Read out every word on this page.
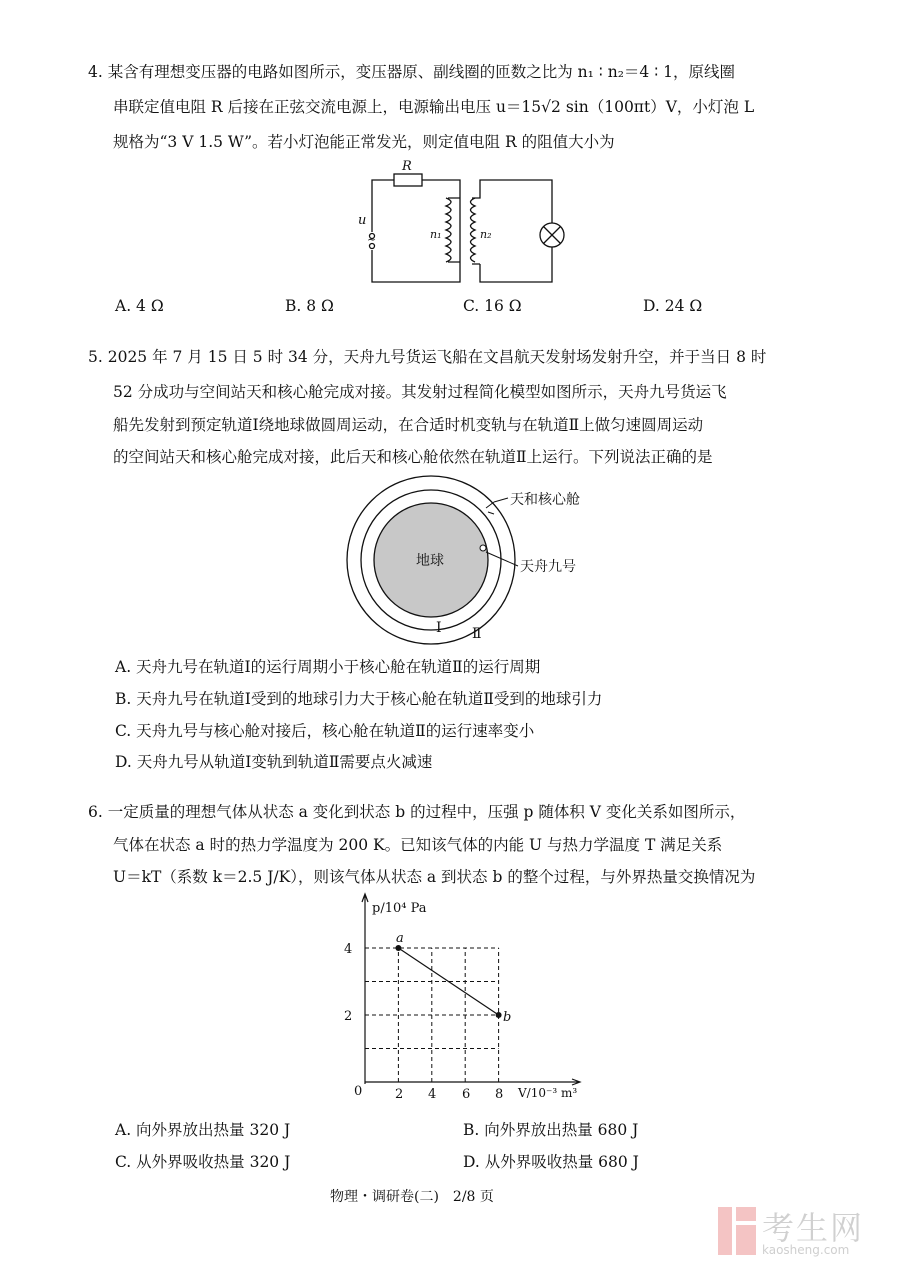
4. 某含有理想变压器的电路如图所示，变压器原、副线圈的匝数之比为 n₁ ∶ n₂＝4 ∶ 1，原线圈
串联定值电阻 R 后接在正弦交流电源上，电源输出电压 u＝15√2 sin（100πt）V，小灯泡 L
规格为“3 V 1.5 W”。若小灯泡能正常发光，则定值电阻 R 的阻值大小为
R
u
~	n₁	n₂
A. 4 Ω	B. 8 Ω	C. 16 Ω	D. 24 Ω
5. 2025 年 7 月 15 日 5 时 34 分，天舟九号货运飞船在文昌航天发射场发射升空，并于当日 8 时
52 分成功与空间站天和核心舱完成对接。其发射过程简化模型如图所示，天舟九号货运飞
船先发射到预定轨道Ⅰ绕地球做圆周运动，在合适时机变轨与在轨道Ⅱ上做匀速圆周运动
的空间站天和核心舱完成对接，此后天和核心舱依然在轨道Ⅱ上运行。下列说法正确的是
地球
天和核心舱
天舟九号
Ⅰ Ⅱ
A. 天舟九号在轨道Ⅰ的运行周期小于核心舱在轨道Ⅱ的运行周期
B. 天舟九号在轨道Ⅰ受到的地球引力大于核心舱在轨道Ⅱ受到的地球引力
C. 天舟九号与核心舱对接后，核心舱在轨道Ⅱ的运行速率变小
D. 天舟九号从轨道Ⅰ变轨到轨道Ⅱ需要点火减速
6. 一定质量的理想气体从状态 a 变化到状态 b 的过程中，压强 p 随体积 V 变化关系如图所示，
气体在状态 a 时的热力学温度为 200 K。已知该气体的内能 U 与热力学温度 T 满足关系
U＝kT（系数 k＝2.5 J/K），则该气体从状态 a 到状态 b 的整个过程，与外界热量交换情况为
p/10⁴ Pa
V/10⁻³ m³
0	2 4 6 8
4
2
a
b
A. 向外界放出热量 320 J	B. 向外界放出热量 680 J
C. 从外界吸收热量 320 J	D. 从外界吸收热量 680 J
物理・调研卷(二)　2/8 页
考生网
kaosheng.com
